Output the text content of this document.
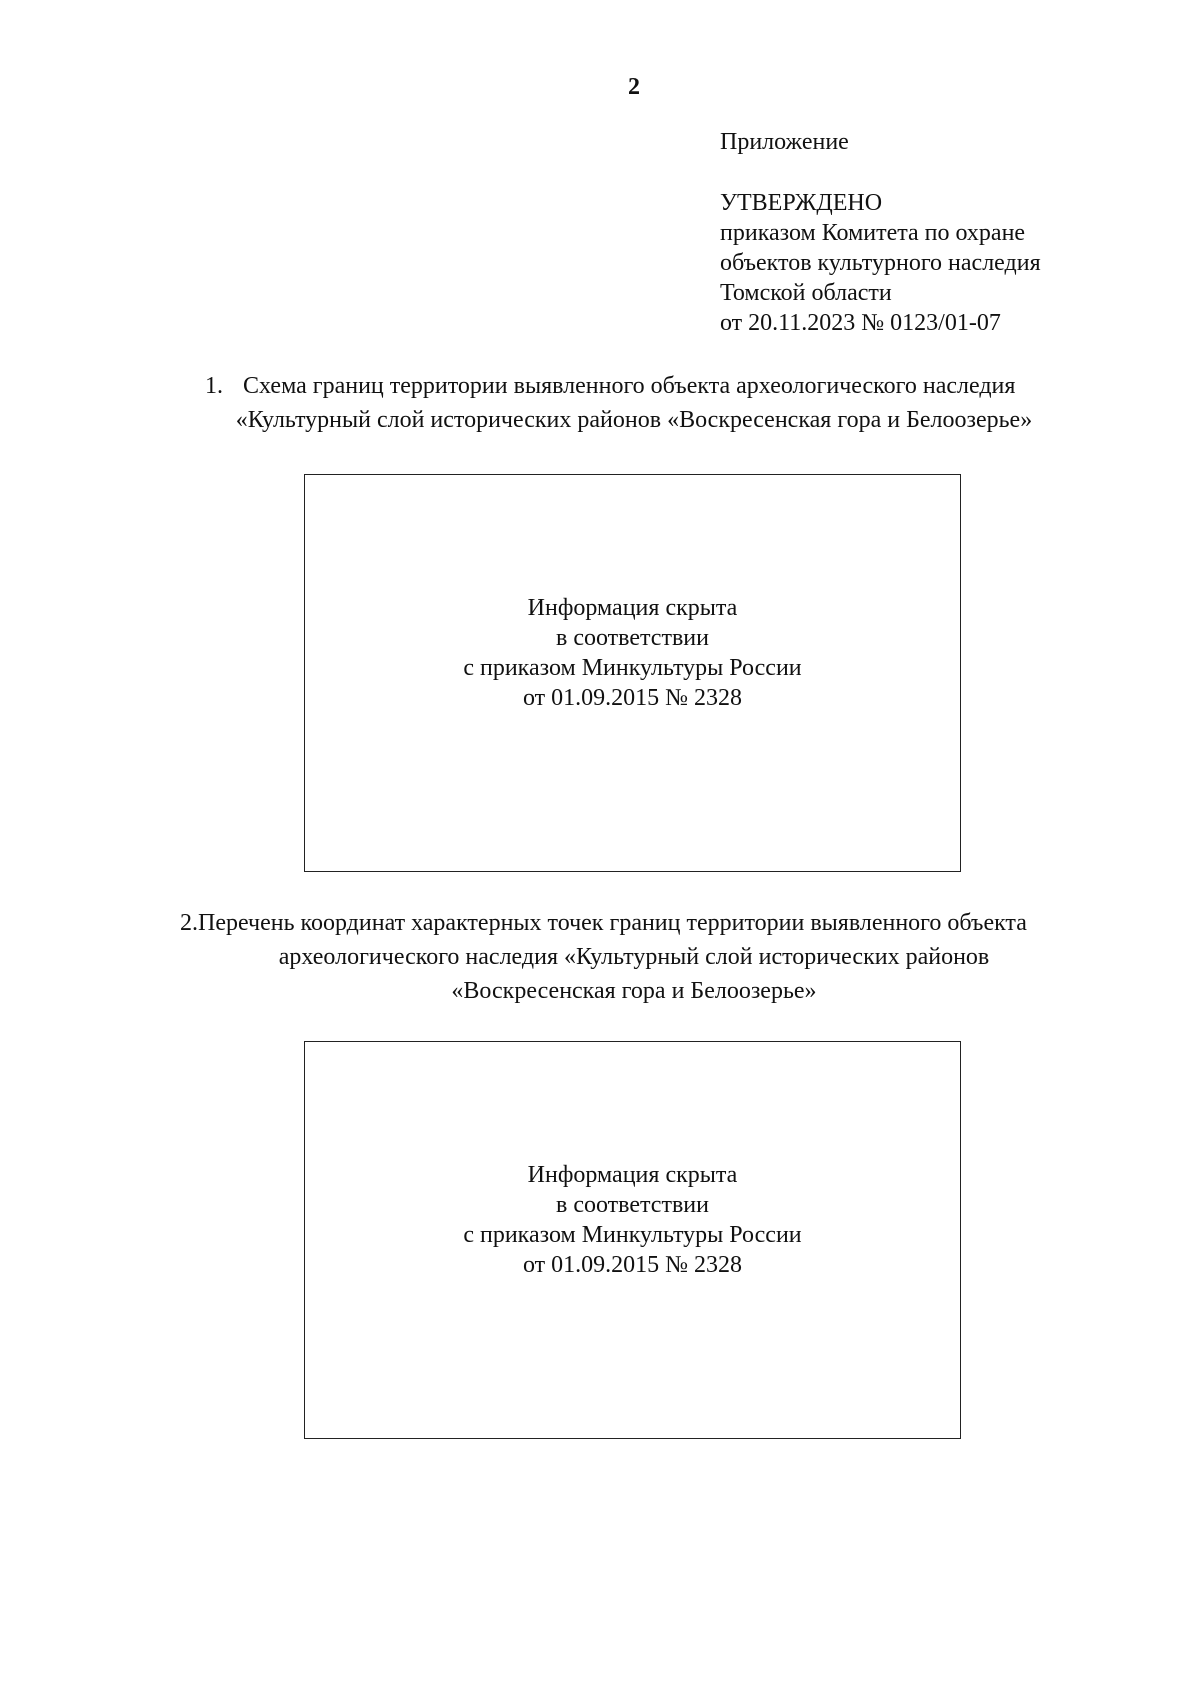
2
Приложение
УТВЕРЖДЕНО
приказом Комитета по охране
объектов культурного наследия
Томской области
от 20.11.2023 № 0123/01-07
1. Схема границ территории выявленного объекта археологического наследия
«Культурный слой исторических районов «Воскресенская гора и Белоозерье»
Информация скрыта
в соответствии
с приказом Минкультуры России
от 01.09.2015 № 2328
2.Перечень координат характерных точек границ территории выявленного объекта
археологического наследия «Культурный слой исторических районов
«Воскресенская гора и Белоозерье»
Информация скрыта
в соответствии
с приказом Минкультуры России
от 01.09.2015 № 2328
